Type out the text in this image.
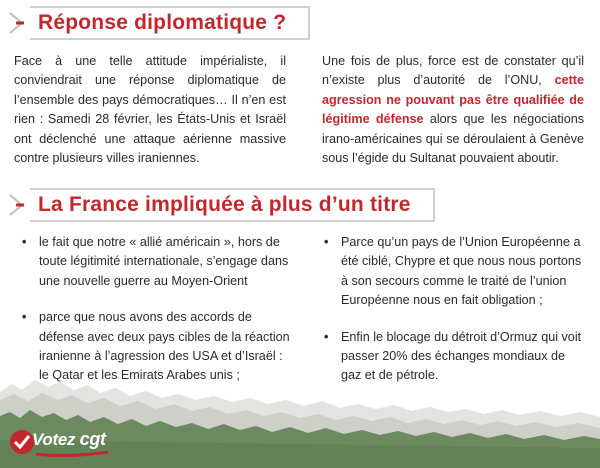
Réponse diplomatique ?

Face à une telle attitude impérialiste, il conviendrait une réponse diplomatique de l’ensemble des pays démocratiques… Il n’en est rien : Samedi 28 février, les États-Unis et Israël ont déclenché une attaque aérienne massive contre plusieurs villes iraniennes.

Une fois de plus, force est de constater qu’il n’existe plus d’autorité de l’ONU, cette agression ne pouvant pas être qualifiée de légitime défense alors que les négociations irano-américaines qui se déroulaient à Genève sous l’égide du Sultanat pouvaient aboutir.

La France impliquée à plus d’un titre
• le fait que notre « allié américain », hors de toute légitimité internationale, s’engage dans une nouvelle guerre au Moyen-Orient
• parce que nous avons des accords de défense avec deux pays cibles de la réaction iranienne à l’agression des USA et d’Israël : le Qatar et les Emirats Arabes unis ;
• Parce qu’un pays de l’Union Européenne a été ciblé, Chypre et que nous nous portons à son secours comme le traité de l’union Européenne nous en fait obligation ;
• Enfin le blocage du détroit d’Ormuz qui voit passer 20% des échanges mondiaux de gaz et de pétrole.
Votez cgt
